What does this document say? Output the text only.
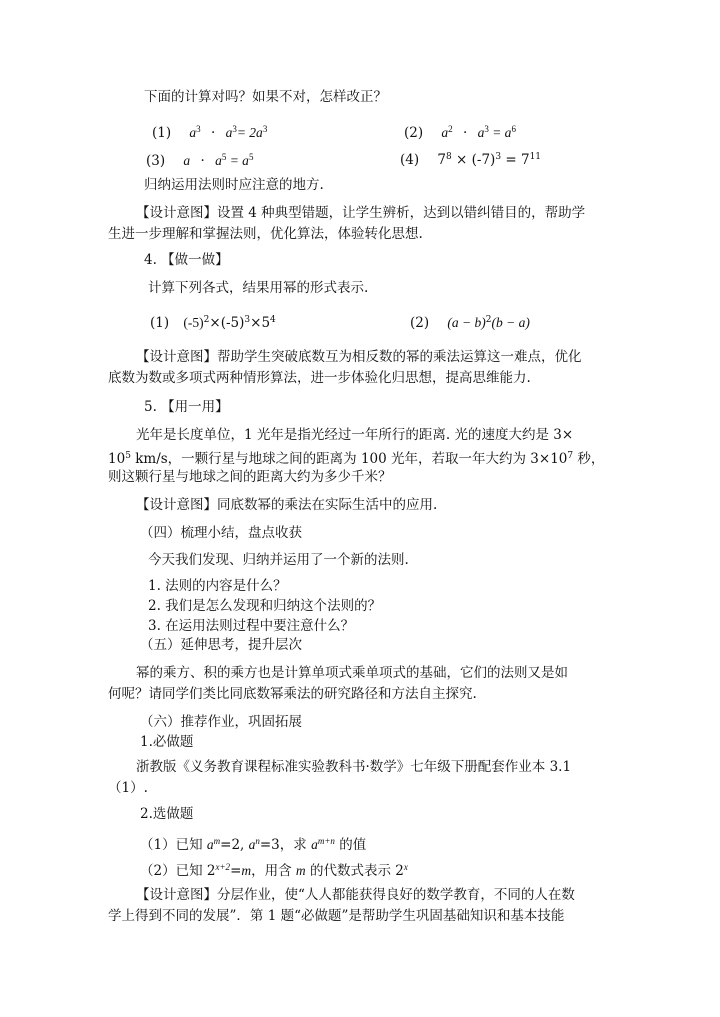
下面的计算对吗？如果不对，怎样改正？
(1) $a^3 \cdot a^3= 2a^3$	(2) $a^2 \cdot a^3 = a^6$
(3) $a \cdot a^5 = a^5$	(4) $7^8 \times (-7)^3 = 7^{11}$
归纳运用法则时应注意的地方.
【设计意图】设置 4 种典型错题，让学生辨析，达到以错纠错目的，帮助学
生进一步理解和掌握法则，优化算法，体验转化思想.
4. 【做一做】
计算下列各式，结果用幂的形式表示.
(1) $(-5)^2\times(-5)^3\times 5^4$	(2) $(a - b)^2(b - a)$
【设计意图】帮助学生突破底数互为相反数的幂的乘法运算这一难点，优化
底数为数或多项式两种情形算法，进一步体验化归思想，提高思维能力.
5. 【用一用】
光年是长度单位，1 光年是指光经过一年所行的距离. 光的速度大约是 3×
$10^5$ km/s，一颗行星与地球之间的距离为 100 光年，若取一年大约为 $3\times 10^7$ 秒，
则这颗行星与地球之间的距离大约为多少千米？
【设计意图】同底数幂的乘法在实际生活中的应用.
（四）梳理小结，盘点收获
今天我们发现、归纳并运用了一个新的法则.
1. 法则的内容是什么？
2. 我们是怎么发现和归纳这个法则的？
3. 在运用法则过程中要注意什么？
（五）延伸思考，提升层次
幂的乘方、积的乘方也是计算单项式乘单项式的基础，它们的法则又是如
何呢？请同学们类比同底数幂乘法的研究路径和方法自主探究.
（六）推荐作业，巩固拓展
1.必做题
浙教版《义务教育课程标准实验教科书·数学》七年级下册配套作业本 3.1
（1）.
2.选做题
（1）已知 $a^m=2$, $a^n=3$，求 $a^{m+n}$ 的值
（2）已知 $2^{x+2}=m$，用含 m 的代数式表示 2$^x$
【设计意图】分层作业，使“人人都能获得良好的数学教育，不同的人在数
学上得到不同的发展”．第 1 题“必做题”是帮助学生巩固基础知识和基本技能
